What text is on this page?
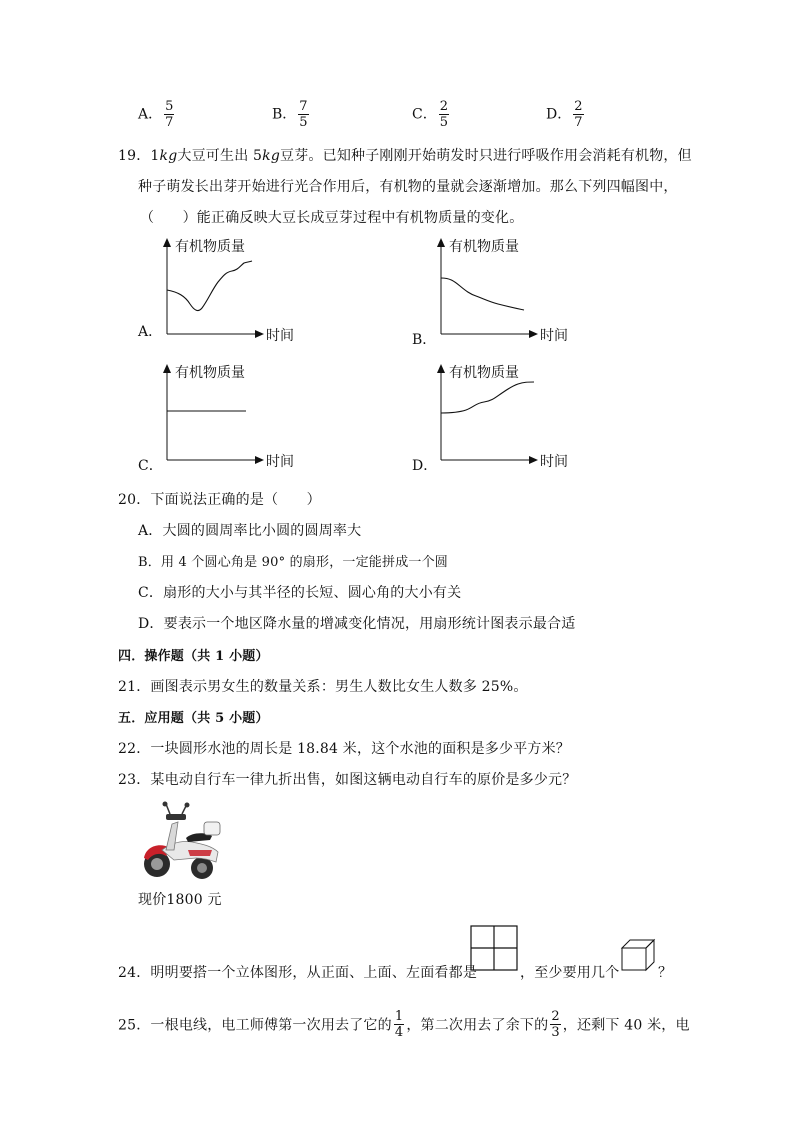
A． $\frac{5}{7}$	B． $\frac{7}{5}$	C． $\frac{2}{5}$	D． $\frac{2}{7}$
19．1kg大豆可生出 5kg豆芽。已知种子刚刚开始萌发时只进行呼吸作用会消耗有机物，但
种子萌发长出芽开始进行光合作用后，有机物的量就会逐渐增加。那么下列四幅图中，
（　　）能正确反映大豆长成豆芽过程中有机物质量的变化。
A．
有机物质量
时间	B．
有机物质量
时间
C．
有机物质量
时间	D．
有机物质量
时间
20．下面说法正确的是（　　）
A．大圆的圆周率比小圆的圆周率大
B．用 4 个圆心角是 90° 的扇形，一定能拼成一个圆
C．扇形的大小与其半径的长短、圆心角的大小有关
D．要表示一个地区降水量的增减变化情况，用扇形统计图表示最合适
四．操作题（共 1 小题）
21．画图表示男女生的数量关系：男生人数比女生人数多 25%。
五．应用题（共 5 小题）
22．一块圆形水池的周长是 18.84 米，这个水池的面积是多少平方米？
23．某电动自行车一律九折出售，如图这辆电动自行车的原价是多少元？
现价1800 元
24．明明要搭一个立体图形，从正面、上面、左面看都是	，至少要用几个	？
25．一根电线，电工师傅第一次用去了它的 $\frac{1}{4}$ ，第二次用去了余下的 $\frac{2}{3}$ ，还剩下 40 米，电
